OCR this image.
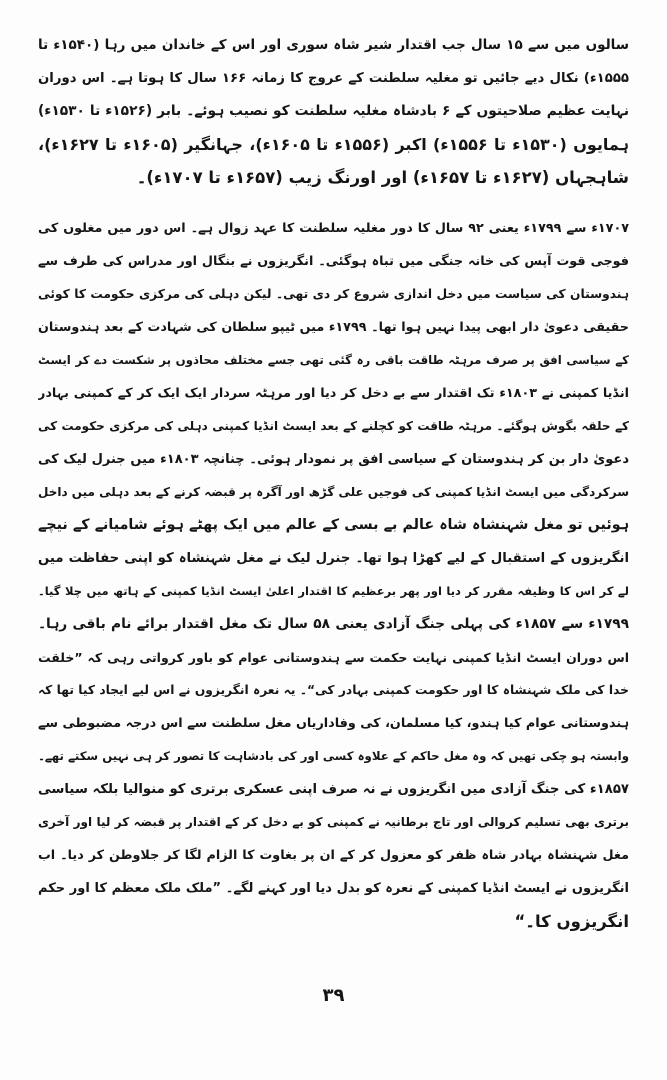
سالوں میں سے ۱۵ سال جب اقتدار شیر شاہ سوری اور اس کے خاندان میں رہا (۱۵۴۰ء تا
۱۵۵۵ء) نکال دیے جائیں تو مغلیہ سلطنت کے عروج کا زمانہ ۱۶۶ سال کا ہوتا ہے۔ اس دوران
نہایت عظیم صلاحیتوں کے ۶ بادشاہ مغلیہ سلطنت کو نصیب ہوئے۔ بابر (۱۵۲۶ء تا ۱۵۳۰ء)
ہمایوں (۱۵۳۰ء تا ۱۵۵۶ء) اکبر (۱۵۵۶ء تا ۱۶۰۵ء)، جہانگیر (۱۶۰۵ء تا ۱۶۲۷ء)،
شاہجہاں (۱۶۲۷ء تا ۱۶۵۷ء) اور اورنگ زیب (۱۶۵۷ء تا ۱۷۰۷ء)۔
۱۷۰۷ء سے ۱۷۹۹ء یعنی ۹۲ سال کا دور مغلیہ سلطنت کا عہد زوال ہے۔ اس دور میں مغلوں کی
فوجی قوت آپس کی خانہ جنگی میں تباہ ہوگئی۔ انگریزوں نے بنگال اور مدراس کی طرف سے
ہندوستان کی سیاست میں دخل اندازی شروع کر دی تھی۔ لیکن دہلی کی مرکزی حکومت کا کوئی
حقیقی دعویٰ دار ابھی پیدا نہیں ہوا تھا۔ ۱۷۹۹ء میں ٹیپو سلطان کی شہادت کے بعد ہندوستان
کے سیاسی افق پر صرف مرہٹہ طاقت باقی رہ گئی تھی جسے مختلف محاذوں پر شکست دے کر ایسٹ
انڈیا کمپنی نے ۱۸۰۳ء تک اقتدار سے بے دخل کر دیا اور مرہٹہ سردار ایک ایک کر کے کمپنی بہادر
کے حلقہ بگوش ہوگئے۔ مرہٹہ طاقت کو کچلنے کے بعد ایسٹ انڈیا کمپنی دہلی کی مرکزی حکومت کی
دعویٰ دار بن کر ہندوستان کے سیاسی افق پر نمودار ہوئی۔ چنانچہ ۱۸۰۳ء میں جنرل لیک کی
سرکردگی میں ایسٹ انڈیا کمپنی کی فوجیں علی گڑھ اور آگرہ پر قبضہ کرنے کے بعد دہلی میں داخل
ہوئیں تو مغل شہنشاہ شاہ عالم بے بسی کے عالم میں ایک پھٹے ہوئے شامیانے کے نیچے
انگریزوں کے استقبال کے لیے کھڑا ہوا تھا۔ جنرل لیک نے مغل شہنشاہ کو اپنی حفاظت میں
لے کر اس کا وظیفہ مقرر کر دیا اور پھر برعظیم کا اقتدار اعلیٰ ایسٹ انڈیا کمپنی کے ہاتھ میں چلا گیا۔
۱۷۹۹ء سے ۱۸۵۷ء کی پہلی جنگ آزادی یعنی ۵۸ سال تک مغل اقتدار برائے نام باقی رہا۔
اس دوران ایسٹ انڈیا کمپنی نہایت حکمت سے ہندوستانی عوام کو باور کرواتی رہی کہ ”خلقت
خدا کی ملک شہنشاہ کا اور حکومت کمپنی بہادر کی“۔ یہ نعرہ انگریزوں نے اس لیے ایجاد کیا تھا کہ
ہندوستانی عوام کیا ہندو، کیا مسلمان، کی وفاداریاں مغل سلطنت سے اس درجہ مضبوطی سے
وابستہ ہو چکی تھیں کہ وہ مغل حاکم کے علاوہ کسی اور کی بادشاہت کا تصور کر ہی نہیں سکتے تھے۔
۱۸۵۷ء کی جنگ آزادی میں انگریزوں نے نہ صرف اپنی عسکری برتری کو منوالیا بلکہ سیاسی
برتری بھی تسلیم کروالی اور تاج برطانیہ نے کمپنی کو بے دخل کر کے اقتدار پر قبضہ کر لیا اور آخری
مغل شہنشاہ بہادر شاہ ظفر کو معزول کر کے ان پر بغاوت کا الزام لگا کر جلاوطن کر دیا۔ اب
انگریزوں نے ایسٹ انڈیا کمپنی کے نعرہ کو بدل دیا اور کہنے لگے۔ ”ملک ملک معظم کا اور حکم
انگریزوں کا۔“
۳۹
